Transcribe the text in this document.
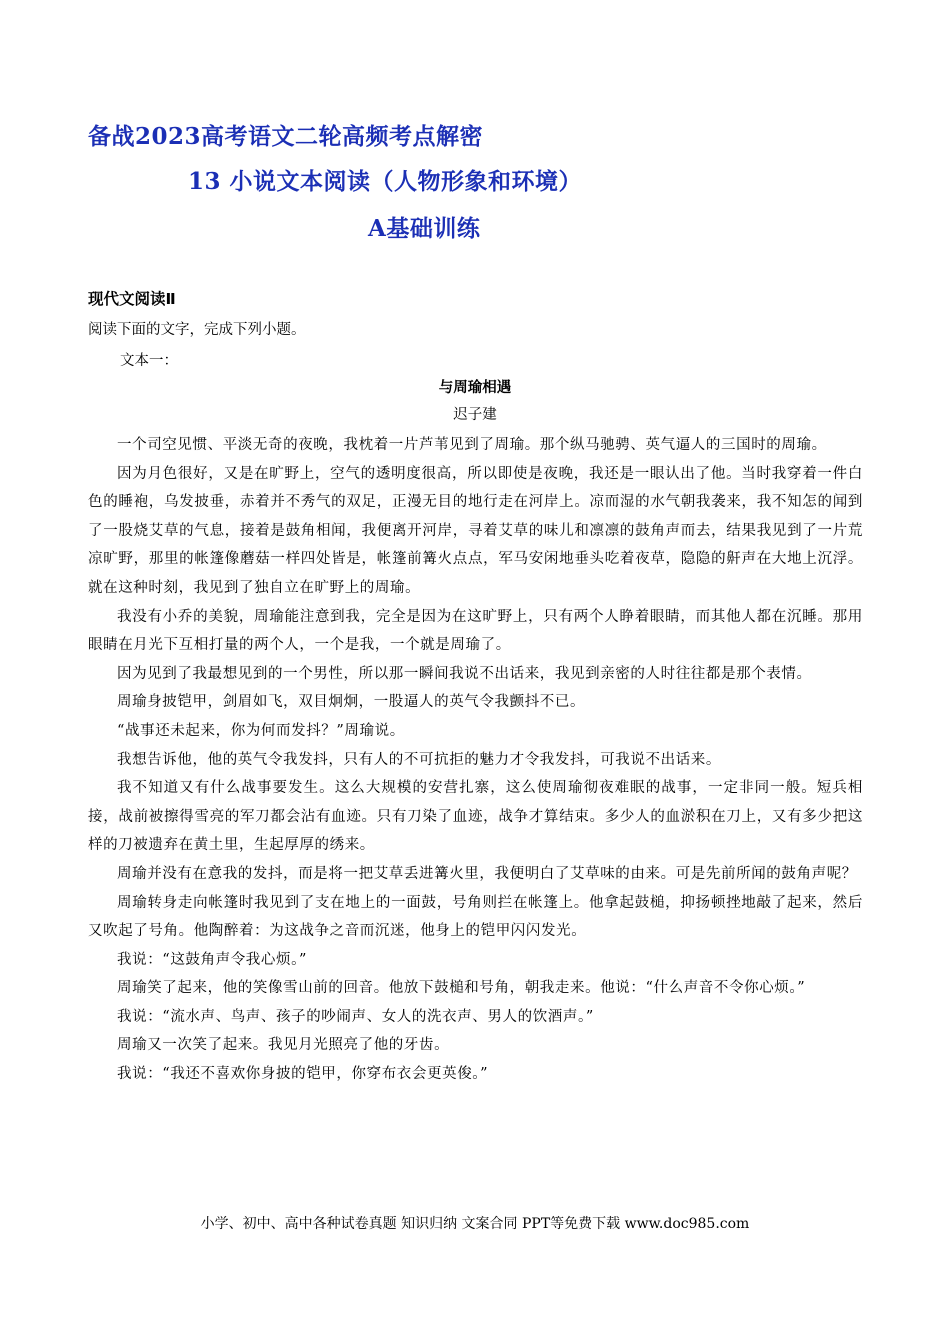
备战2023高考语文二轮高频考点解密
13 小说文本阅读（人物形象和环境）
A基础训练
现代文阅读Ⅱ
阅读下面的文字，完成下列小题。
文本一：
与周瑜相遇
迟子建

一个司空见惯、平淡无奇的夜晚，我枕着一片芦苇见到了周瑜。那个纵马驰骋、英气逼人的三国时的周瑜。

因为月色很好，又是在旷野上，空气的透明度很高，所以即使是夜晚，我还是一眼认出了他。当时我穿着一件白色的睡袍，乌发披垂，赤着并不秀气的双足，正漫无目的地行走在河岸上。凉而湿的水气朝我袭来，我不知怎的闻到了一股烧艾草的气息，接着是鼓角相闻，我便离开河岸，寻着艾草的味儿和凛凛的鼓角声而去，结果我见到了一片荒凉旷野，那里的帐篷像蘑菇一样四处皆是，帐篷前篝火点点，军马安闲地垂头吃着夜草，隐隐的鼾声在大地上沉浮。就在这种时刻，我见到了独自立在旷野上的周瑜。

我没有小乔的美貌，周瑜能注意到我，完全是因为在这旷野上，只有两个人睁着眼睛，而其他人都在沉睡。那用眼睛在月光下互相打量的两个人，一个是我，一个就是周瑜了。

因为见到了我最想见到的一个男性，所以那一瞬间我说不出话来，我见到亲密的人时往往都是那个表情。

周瑜身披铠甲，剑眉如飞，双目炯炯，一股逼人的英气令我颤抖不已。

“战事还未起来，你为何而发抖？”周瑜说。

我想告诉他，他的英气令我发抖，只有人的不可抗拒的魅力才令我发抖，可我说不出话来。

我不知道又有什么战事要发生。这么大规模的安营扎寨，这么使周瑜彻夜难眠的战事，一定非同一般。短兵相接，战前被擦得雪亮的军刀都会沾有血迹。只有刀染了血迹，战争才算结束。多少人的血淤积在刀上，又有多少把这样的刀被遗弃在黄土里，生起厚厚的绣来。

周瑜并没有在意我的发抖，而是将一把艾草丢进篝火里，我便明白了艾草味的由来。可是先前所闻的鼓角声呢？

周瑜转身走向帐篷时我见到了支在地上的一面鼓，号角则拦在帐篷上。他拿起鼓槌，抑扬顿挫地敲了起来，然后又吹起了号角。他陶醉着：为这战争之音而沉迷，他身上的铠甲闪闪发光。

我说：“这鼓角声令我心烦。”

周瑜笑了起来，他的笑像雪山前的回音。他放下鼓槌和号角，朝我走来。他说：“什么声音不令你心烦。”

我说：“流水声、鸟声、孩子的吵闹声、女人的洗衣声、男人的饮酒声。”

周瑜又一次笑了起来。我见月光照亮了他的牙齿。

我说：“我还不喜欢你身披的铠甲，你穿布衣会更英俊。”

小学、初中、高中各种试卷真题 知识归纳 文案合同 PPT等免费下载 www.doc985.com
